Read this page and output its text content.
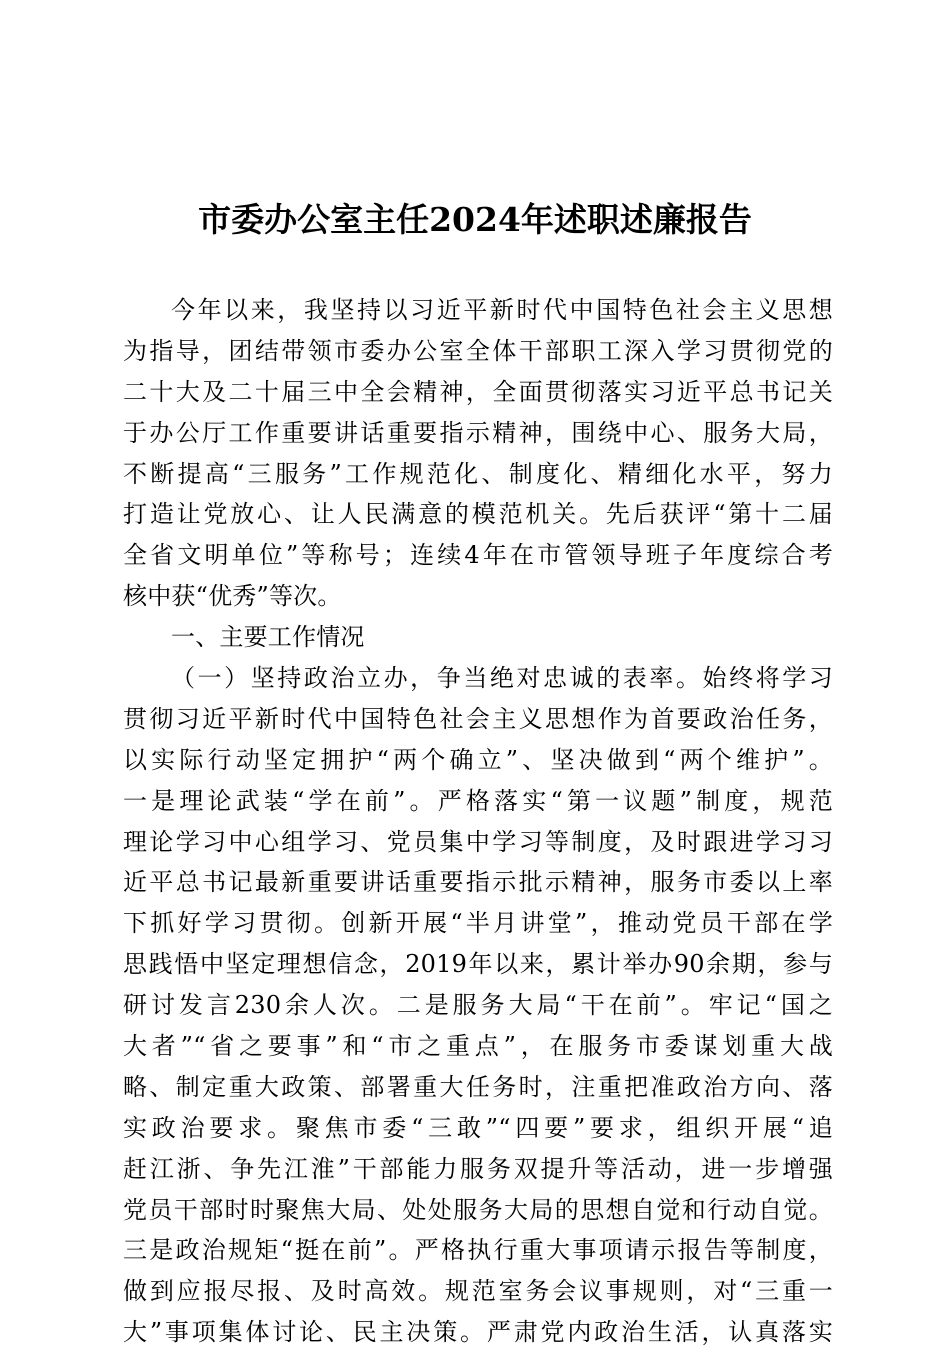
市委办公室主任2024年述职述廉报告
今年以来，我坚持以习近平新时代中国特色社会主义思想
为指导，团结带领市委办公室全体干部职工深入学习贯彻党的
二十大及二十届三中全会精神，全面贯彻落实习近平总书记关
于办公厅工作重要讲话重要指示精神，围绕中心、服务大局，
不断提高“三服务”工作规范化、制度化、精细化水平，努力
打造让党放心、让人民满意的模范机关。先后获评“第十二届
全省文明单位”等称号；连续4年在市管领导班子年度综合考
核中获“优秀”等次。
一、主要工作情况
（一）坚持政治立办，争当绝对忠诚的表率。始终将学习
贯彻习近平新时代中国特色社会主义思想作为首要政治任务，
以实际行动坚定拥护“两个确立”、坚决做到“两个维护”。
一是理论武装“学在前”。严格落实“第一议题”制度，规范
理论学习中心组学习、党员集中学习等制度，及时跟进学习习
近平总书记最新重要讲话重要指示批示精神，服务市委以上率
下抓好学习贯彻。创新开展“半月讲堂”，推动党员干部在学
思践悟中坚定理想信念，2019年以来，累计举办90余期，参与
研讨发言230余人次。二是服务大局“干在前”。牢记“国之
大者”“省之要事”和“市之重点”，在服务市委谋划重大战
略、制定重大政策、部署重大任务时，注重把准政治方向、落
实政治要求。聚焦市委“三敢”“四要”要求，组织开展“追
赶江浙、争先江淮”干部能力服务双提升等活动，进一步增强
党员干部时时聚焦大局、处处服务大局的思想自觉和行动自觉。
三是政治规矩“挺在前”。严格执行重大事项请示报告等制度，
做到应报尽报、及时高效。规范室务会议事规则，对“三重一
大”事项集体讨论、民主决策。严肃党内政治生活，认真落实
